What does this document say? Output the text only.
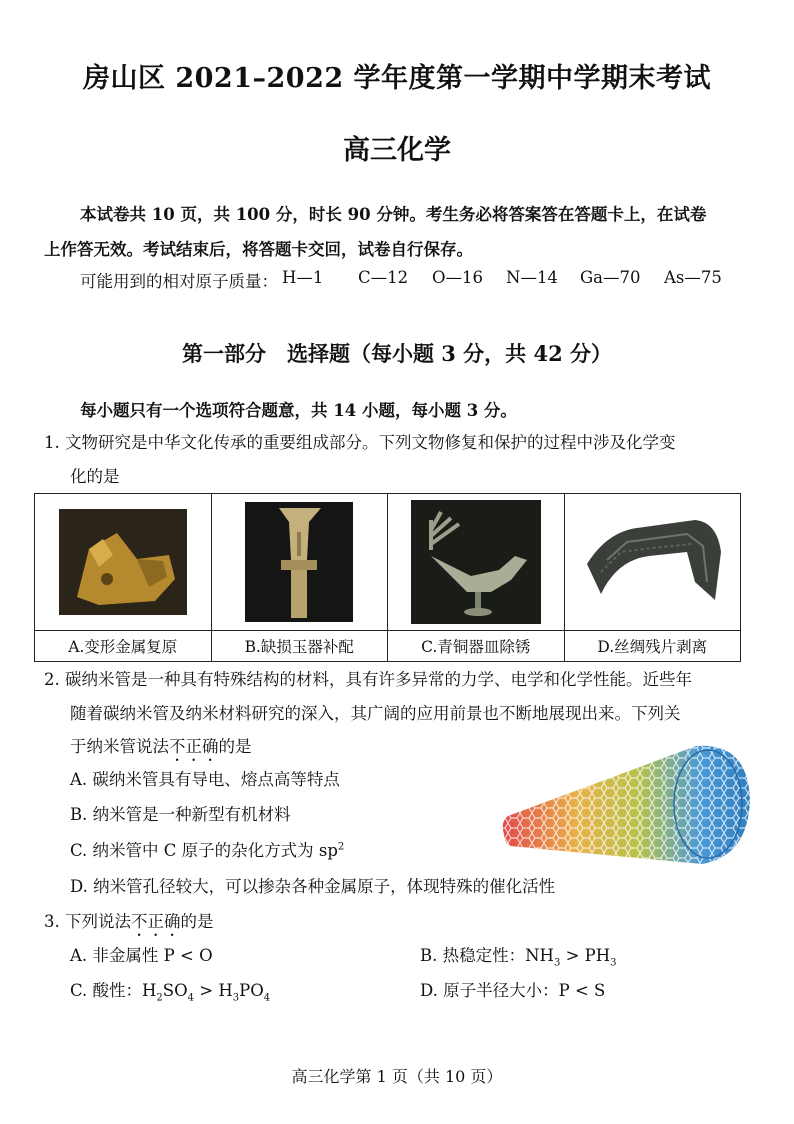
房山区 2021–2022 学年度第一学期中学期末考试
高三化学
本试卷共 10 页，共 100 分，时长 90 分钟。考生务必将答案答在答题卡上，在试卷
上作答无效。考试结束后，将答题卡交回，试卷自行保存。
可能用到的相对原子质量： H—1 C—12 O—16 N—14 Ga—70 As—75
第一部分　选择题（每小题 3 分，共 42 分）
每小题只有一个选项符合题意，共 14 小题，每小题 3 分。
1. 文物研究是中华文化传承的重要组成部分。下列文物修复和保护的过程中涉及化学变
化的是

A.变形金属复原	B.缺损玉器补配	C.青铜器皿除锈	D.丝绸残片剥离
2. 碳纳米管是一种具有特殊结构的材料，具有许多异常的力学、电学和化学性能。近些年
随着碳纳米管及纳米材料研究的深入，其广阔的应用前景也不断地展现出来。下列关
于纳米管说法不正确的是
A. 碳纳米管具有导电、熔点高等特点
B. 纳米管是一种新型有机材料
C. 纳米管中 C 原子的杂化方式为 $sp^2$
D. 纳米管孔径较大，可以掺杂各种金属原子，体现特殊的催化活性
3. 下列说法不正确的是
A. 非金属性 P < O	B. 热稳定性：$NH_3 > PH_3$
C. 酸性：$H_2SO_4 > H_3PO_4$	D. 原子半径大小：P < S
高三化学第 1 页（共 10 页）
